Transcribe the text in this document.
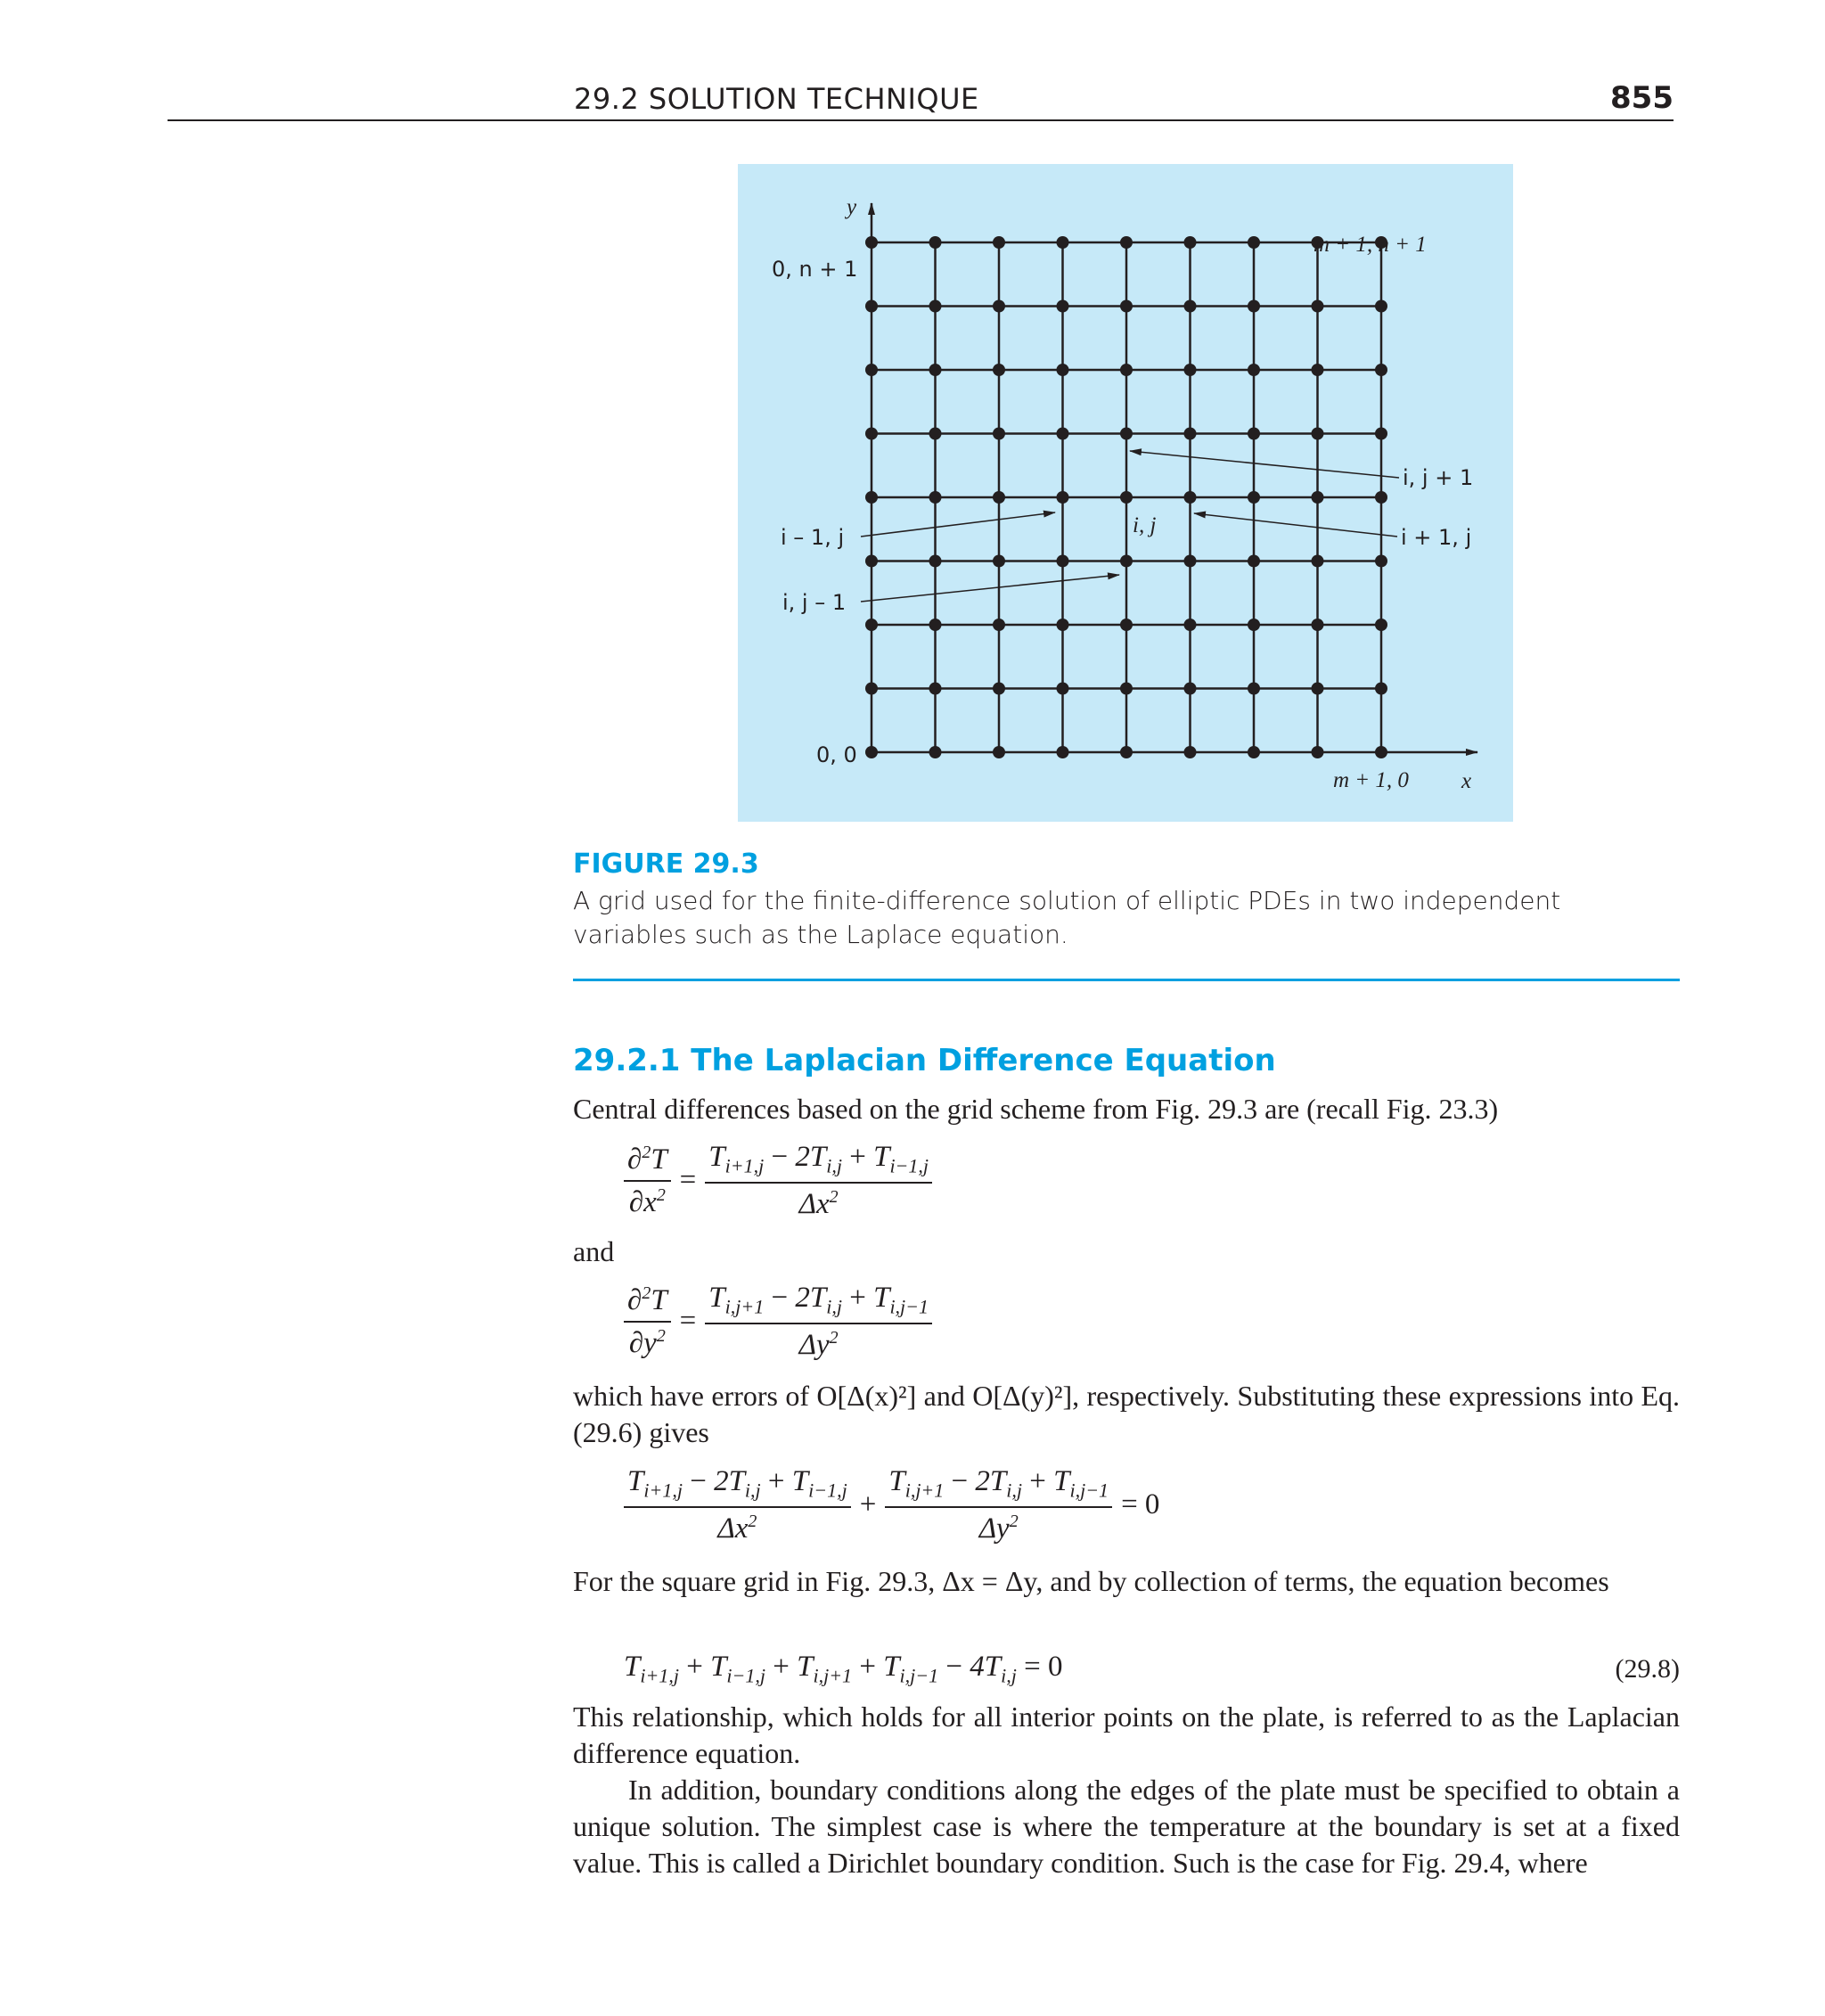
29.2 SOLUTION TECHNIQUE	855
y
x
0, n + 1
m + 1, n + 1
0, 0
m + 1, 0
i, j + 1
i – 1, j	i, j	i + 1, j
i, j – 1
FIGURE 29.3
A grid used for the finite-difference solution of elliptic PDEs in two independent variables such as the Laplace equation.
29.2.1 The Laplacian Difference Equation
Central differences based on the grid scheme from Fig. 29.3 are (recall Fig. 23.3)
$\frac{\partial^2T}{\partial x^2} = \frac{T_{i+1,j} - 2T_{i,j} + T_{i-1,j}}{\Delta x^2}$
and
$\frac{\partial^2T}{\partial y^2} = \frac{T_{i,j+1} - 2T_{i,j} + T_{i,j-1}}{\Delta y^2}$
which have errors of O[Δ(x)²] and O[Δ(y)²], respectively. Substituting these expressions into Eq. (29.6) gives
$\frac{T_{i+1,j} - 2T_{i,j} + T_{i-1,j}}{\Delta x^2} + \frac{T_{i,j+1} - 2T_{i,j} + T_{i,j-1}}{\Delta y^2} = 0$
For the square grid in Fig. 29.3, Δx = Δy, and by collection of terms, the equation becomes
$T_{i+1,j} + T_{i-1,j} + T_{i,j+1} + T_{i,j-1} - 4T_{i,j} = 0$	(29.8)
This relationship, which holds for all interior points on the plate, is referred to as the Laplacian difference equation.
In addition, boundary conditions along the edges of the plate must be specified to obtain a unique solution. The simplest case is where the temperature at the boundary is set at a fixed value. This is called a Dirichlet boundary condition. Such is the case for Fig. 29.4, where
